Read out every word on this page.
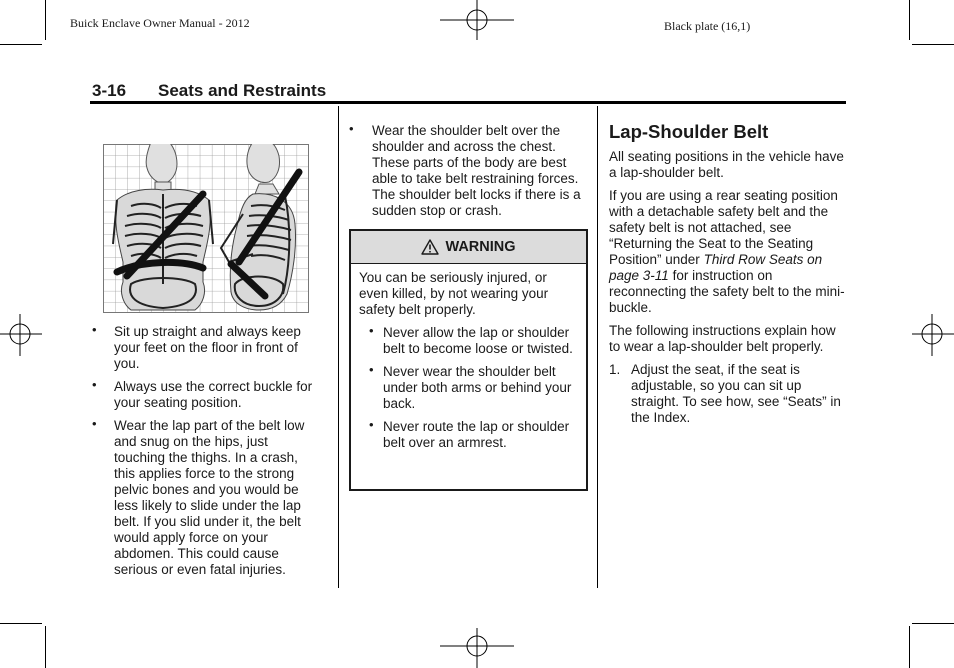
Buick Enclave Owner Manual - 2012	Black plate (16,1)
3-16 Seats and Restraints
• Sit up straight and always keep your feet on the floor in front of you.
• Always use the correct buckle for your seating position.
• Wear the lap part of the belt low and snug on the hips, just touching the thighs. In a crash, this applies force to the strong pelvic bones and you would be less likely to slide under the lap belt. If you slid under it, the belt would apply force on your abdomen. This could cause serious or even fatal injuries.
• Wear the shoulder belt over the shoulder and across the chest. These parts of the body are best able to take belt restraining forces. The shoulder belt locks if there is a sudden stop or crash.
WARNING
You can be seriously injured, or even killed, by not wearing your safety belt properly.
• Never allow the lap or shoulder belt to become loose or twisted.
• Never wear the shoulder belt under both arms or behind your back.
• Never route the lap or shoulder belt over an armrest.
Lap-Shoulder Belt

All seating positions in the vehicle have a lap-shoulder belt.

If you are using a rear seating position with a detachable safety belt and the safety belt is not attached, see “Returning the Seat to the Seating Position” under Third Row Seats on page 3-11 for instruction on reconnecting the safety belt to the mini-buckle.

The following instructions explain how to wear a lap-shoulder belt properly.

1. Adjust the seat, if the seat is adjustable, so you can sit up straight. To see how, see “Seats” in the Index.
